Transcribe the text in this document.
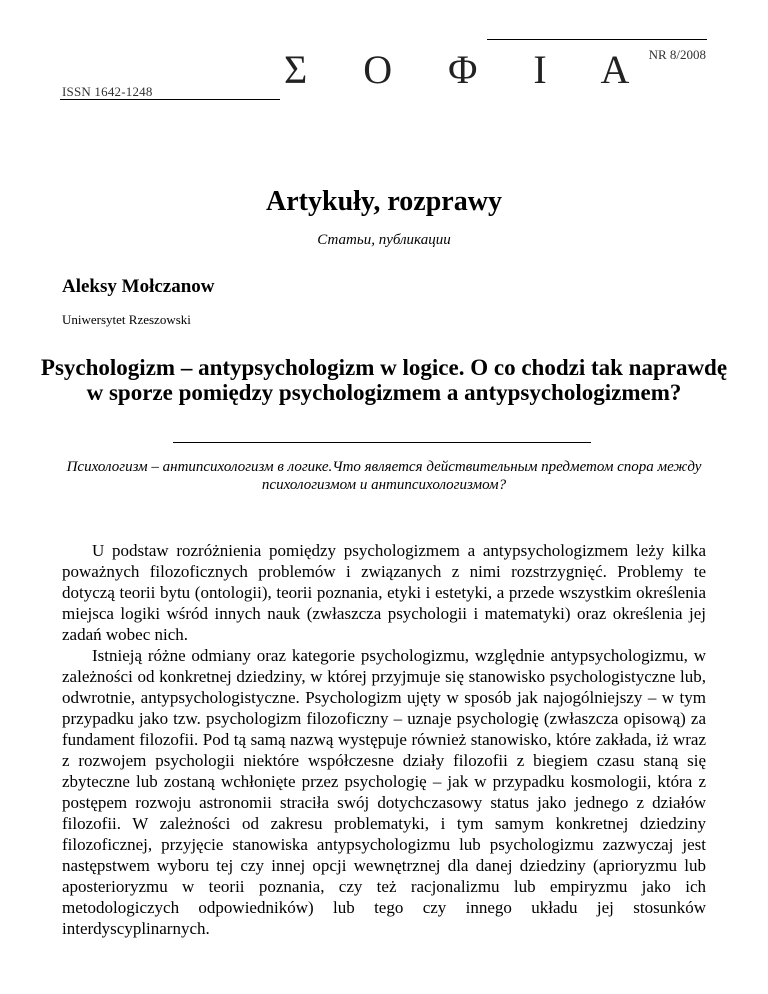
NR 8/2008
Σ Ο Φ Ι Α
ISSN 1642-1248
Artykuły, rozprawy
Статьи, публикации
Aleksy Mołczanow
Uniwersytet Rzeszowski
Psychologizm – antypsychologizm w logice. O co chodzi tak naprawdę w sporze pomiędzy psychologizmem a antypsychologizmem?
Психологизм – антипсихологизм в логике.Что является действительным предметом спора между психологизмом и антипсихологизмом?

U podstaw rozróżnienia pomiędzy psychologizmem a antypsychologizmem leży kilka poważnych filozoficznych problemów i związanych z nimi rozstrzygnięć. Problemy te dotyczą teorii bytu (ontologii), teorii poznania, etyki i estetyki, a przede wszystkim określenia miejsca logiki wśród innych nauk (zwłaszcza psychologii i matematyki) oraz określenia jej zadań wobec nich.

Istnieją różne odmiany oraz kategorie psychologizmu, względnie antypsychologizmu, w zależności od konkretnej dziedziny, w której przyjmuje się stanowisko psychologistyczne lub, odwrotnie, antypsychologistyczne. Psychologizm ujęty w sposób jak najogólniejszy – w tym przypadku jako tzw. psychologizm filozoficzny – uznaje psychologię (zwłaszcza opisową) za fundament filozofii. Pod tą samą nazwą występuje również stanowisko, które zakłada, iż wraz z rozwojem psychologii niektóre współczesne działy filozofii z biegiem czasu staną się zbyteczne lub zostaną wchłonięte przez psychologię – jak w przypadku kosmologii, która z postępem rozwoju astronomii straciła swój dotychczasowy status jako jednego z działów filozofii. W zależności od zakresu problematyki, i tym samym konkretnej dziedziny filozoficznej, przyjęcie stanowiska antypsychologizmu lub psychologizmu zazwyczaj jest następstwem wyboru tej czy innej opcji wewnętrznej dla danej dziedziny (aprioryzmu lub aposterioryzmu w teorii poznania, czy też racjonalizmu lub empiryzmu jako ich metodologiczych odpowiedników) lub tego czy innego układu jej stosunków interdyscyplinarnych.
